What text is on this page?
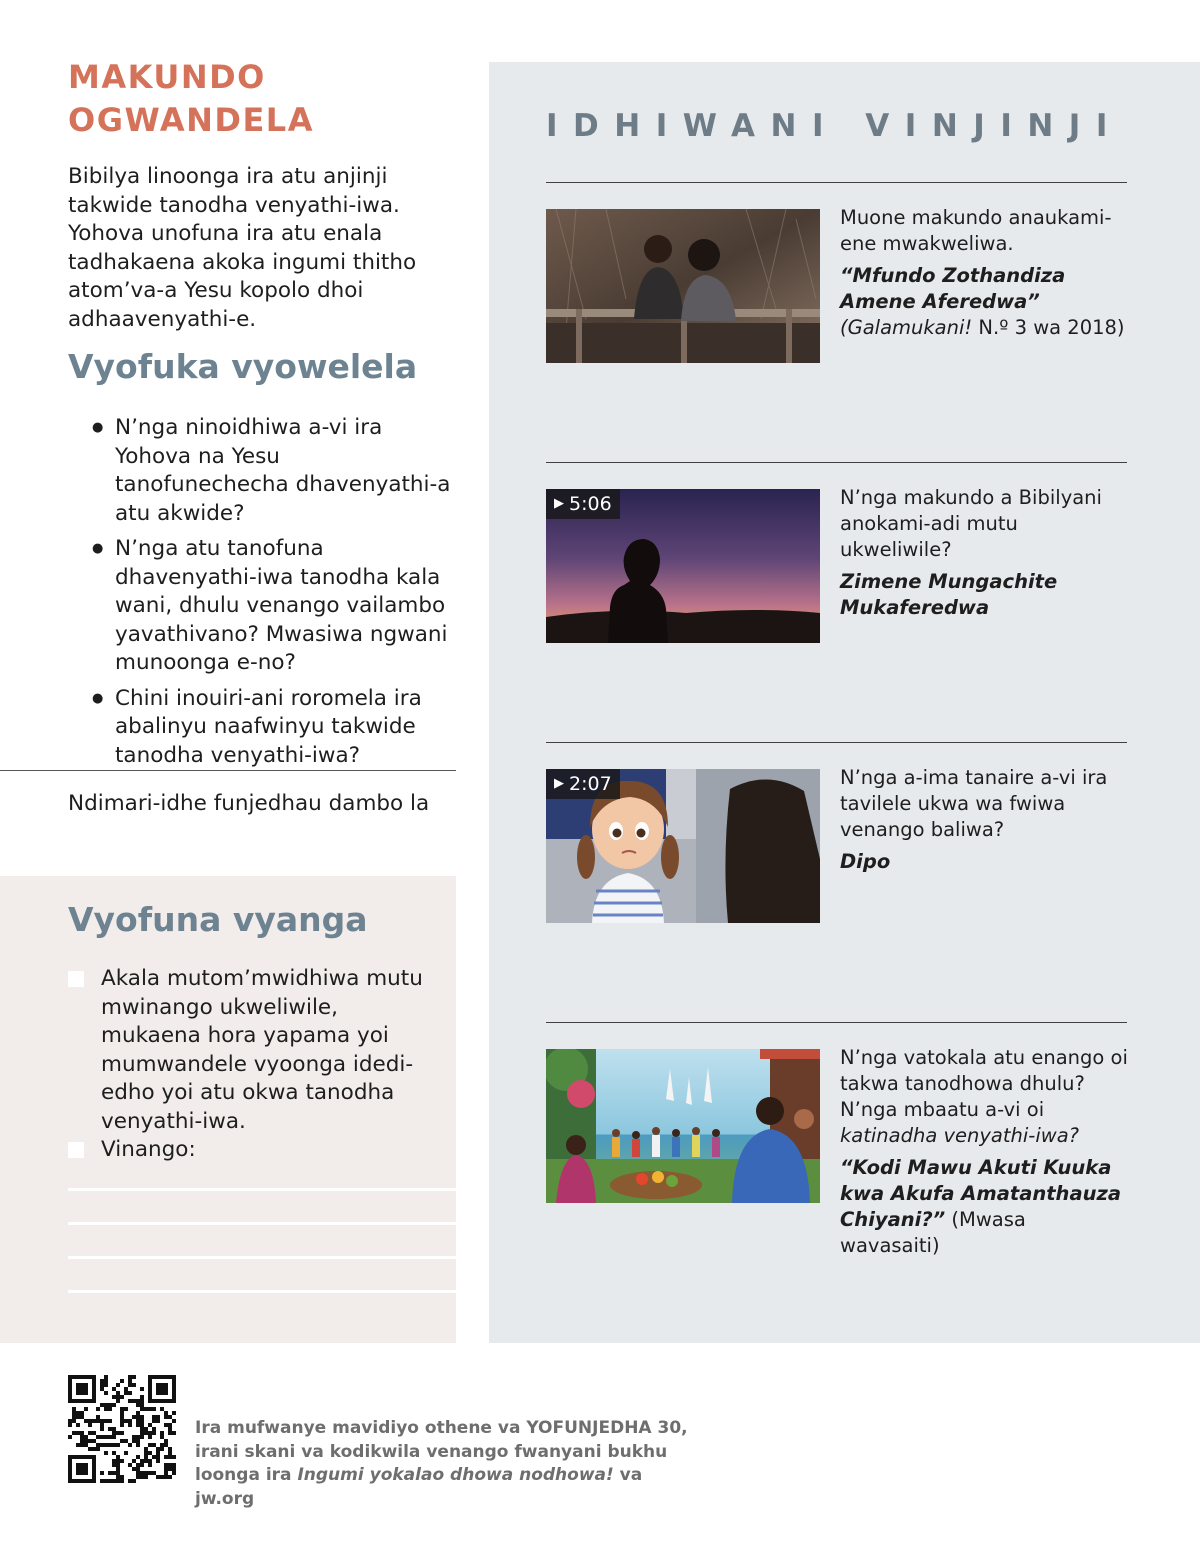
MAKUNDO
OGWANDELA

Bibilya linoonga ira atu anjinji takwide tanodha venyathi-iwa. Yohova unofuna ira atu enala tadhakaena akoka ingumi thitho atom’va-a Yesu kopolo dhoi adhaavenyathi-e.

Vyofuka vyowelela
● N’nga ninoidhiwa a-vi ira Yohova na Yesu tanofunechecha dhavenyathi-a atu akwide?
● N’nga atu tanofuna dhavenyathi-iwa tanodha kala wani, dhulu venango vailambo yavathivano? Mwasiwa ngwani munoonga e-no?
● Chini inouiri-ani roromela ira abalinyu naafwinyu takwide tanodha venyathi-iwa?

Ndimari-idhe funjedhau dambo la

Vyofuna vyanga
Akala mutom’mwidhiwa mutu mwinango ukweliwile, mukaena hora yapama yoi mumwandele vyoonga idedi-edho yoi atu okwa tanodha venyathi-iwa.
Vinango:
IDHIWANI VINJINJI
Muone makundo anaukami-ene mwakweliwa.
“Mfundo Zothandiza Amene Aferedwa” (Galamukani! N.º 3 wa 2018)
▶ 5:06	N’nga makundo a Bibilyani anokami-adi mutu ukweliwile?
Zimene Mungachite Mukaferedwa
▶ 2:07	N’nga a-ima tanaire a-vi ira tavilele ukwa wa fwiwa venango baliwa?
Dipo
N’nga vatokala atu enango oi takwa tanodhowa dhulu? N’nga mbaatu a-vi oi katinadha venyathi-iwa?
“Kodi Mawu Akuti Kuuka kwa Akufa Amatanthauza Chiyani?” (Mwasa wavasaiti)

Ira mufwanye mavidiyo othene va YOFUNJEDHA 30, irani skani va kodikwila venango fwanyani bukhu loonga ira Ingumi yokalao dhowa nodhowa! va jw.org
